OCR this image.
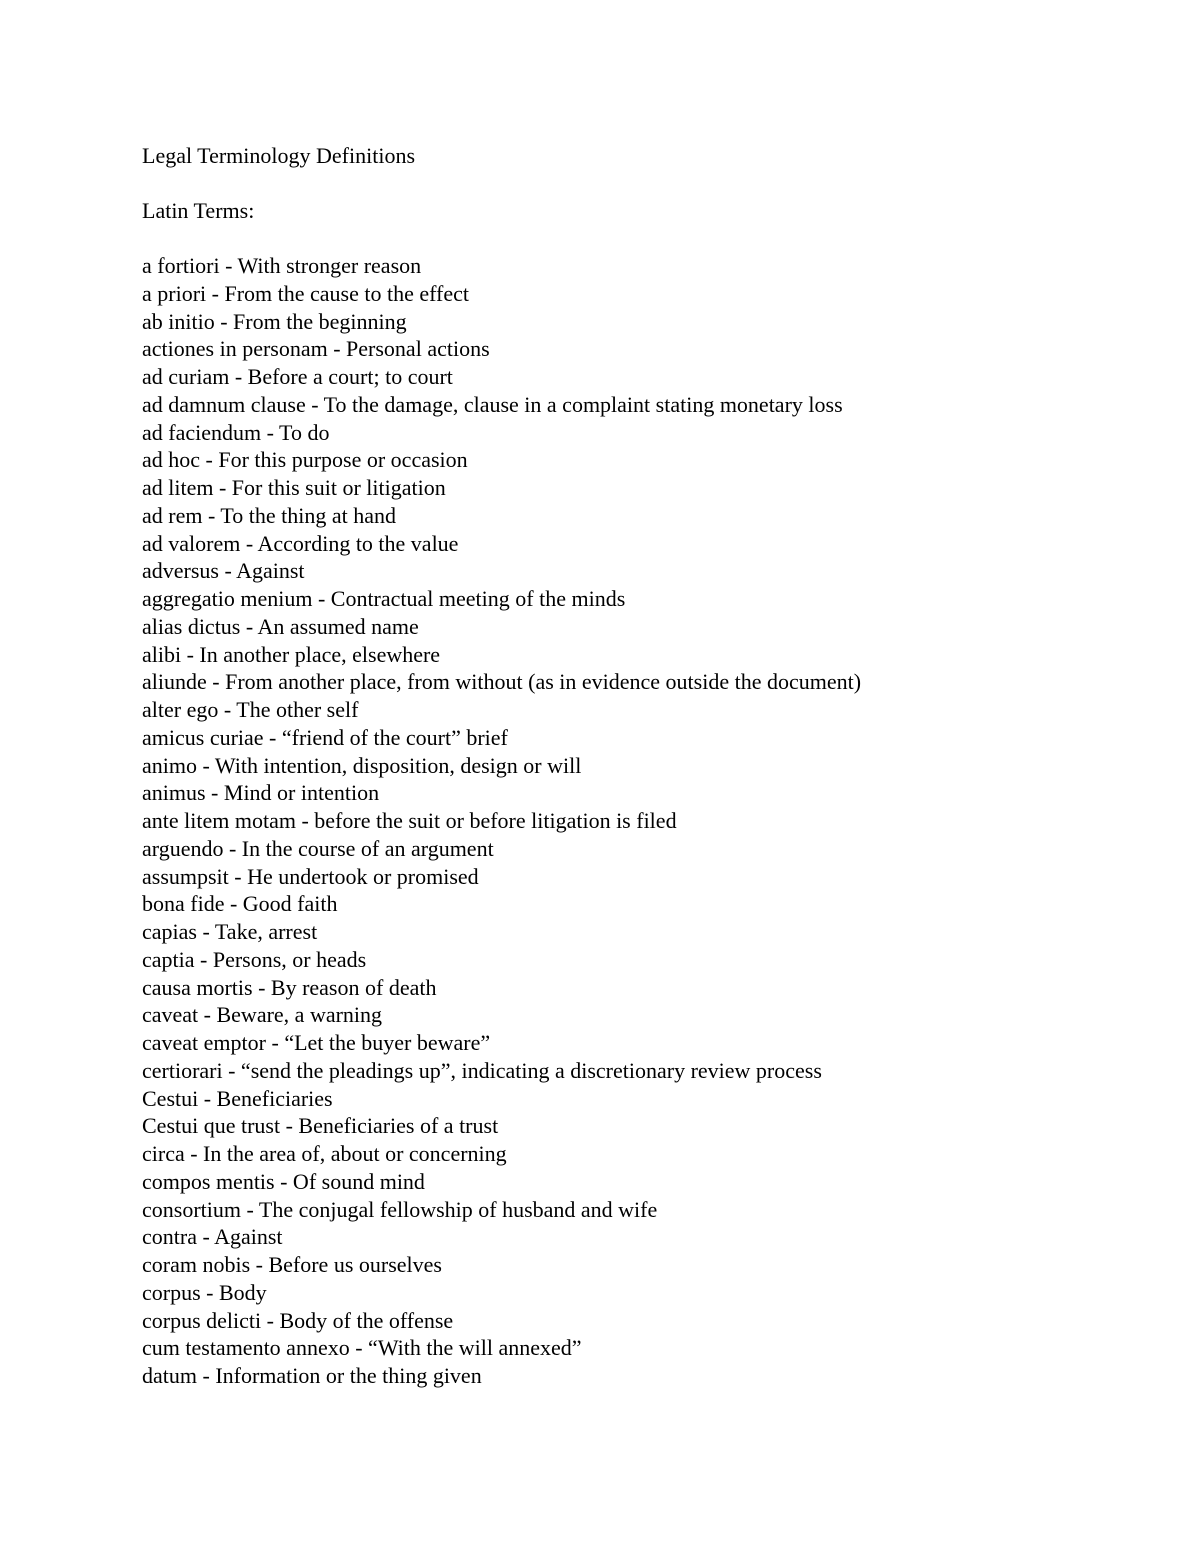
Legal Terminology Definitions
Latin Terms:
a fortiori - With stronger reason
a priori - From the cause to the effect
ab initio - From the beginning
actiones in personam - Personal actions
ad curiam - Before a court; to court
ad damnum clause - To the damage, clause in a complaint stating monetary loss
ad faciendum - To do
ad hoc - For this purpose or occasion
ad litem - For this suit or litigation
ad rem - To the thing at hand
ad valorem - According to the value
adversus - Against
aggregatio menium - Contractual meeting of the minds
alias dictus - An assumed name
alibi - In another place, elsewhere
aliunde - From another place, from without (as in evidence outside the document)
alter ego - The other self
amicus curiae - “friend of the court” brief
animo - With intention, disposition, design or will
animus - Mind or intention
ante litem motam - before the suit or before litigation is filed
arguendo - In the course of an argument
assumpsit - He undertook or promised
bona fide - Good faith
capias - Take, arrest
captia - Persons, or heads
causa mortis - By reason of death
caveat - Beware, a warning
caveat emptor - “Let the buyer beware”
certiorari - “send the pleadings up”, indicating a discretionary review process
Cestui - Beneficiaries
Cestui que trust - Beneficiaries of a trust
circa - In the area of, about or concerning
compos mentis - Of sound mind
consortium - The conjugal fellowship of husband and wife
contra - Against
coram nobis - Before us ourselves
corpus - Body
corpus delicti - Body of the offense
cum testamento annexo - “With the will annexed”
datum - Information or the thing given
